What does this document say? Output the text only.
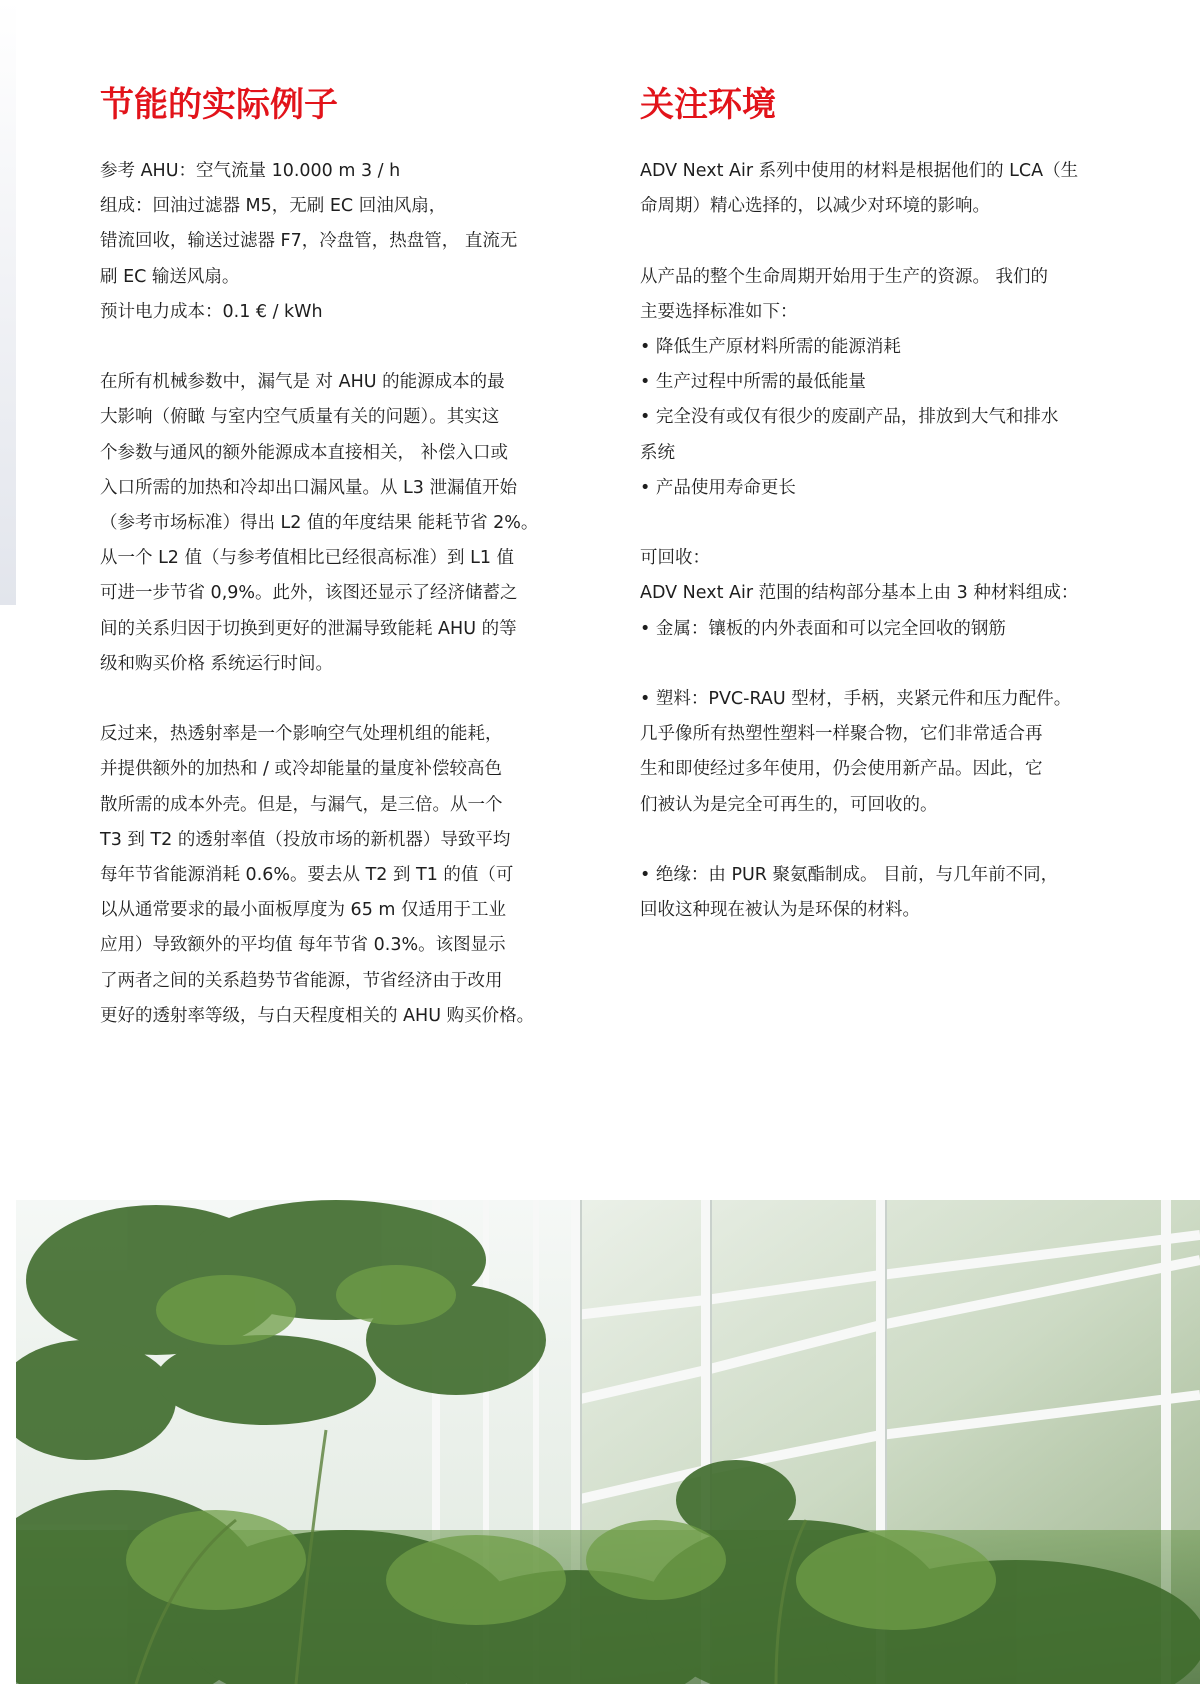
节能的实际例子
参考 AHU：空气流量 10.000 m 3 / h
组成：回油过滤器 M5，无刷 EC 回油风扇，
错流回收，输送过滤器 F7，冷盘管，热盘管， 直流无
刷 EC 输送风扇。
预计电力成本：0.1 € / kWh
在所有机械参数中，漏气是 对 AHU 的能源成本的最
大影响（俯瞰 与室内空气质量有关的问题）。其实这
个参数与通风的额外能源成本直接相关， 补偿入口或
入口所需的加热和冷却出口漏风量。从 L3 泄漏值开始
（参考市场标准）得出 L2 值的年度结果 能耗节省 2%。
从一个 L2 值（与参考值相比已经很高标准）到 L1 值
可进一步节省 0,9%。此外，该图还显示了经济储蓄之
间的关系归因于切换到更好的泄漏导致能耗 AHU 的等
级和购买价格 系统运行时间。
反过来，热透射率是一个影响空气处理机组的能耗，
并提供额外的加热和 / 或冷却能量的量度补偿较高色
散所需的成本外壳。但是，与漏气，是三倍。从一个
T3 到 T2 的透射率值（投放市场的新机器）导致平均
每年节省能源消耗 0.6%。要去从 T2 到 T1 的值（可
以从通常要求的最小面板厚度为 65 m 仅适用于工业
应用）导致额外的平均值 每年节省 0.3%。该图显示
了两者之间的关系趋势节省能源，节省经济由于改用
更好的透射率等级，与白天程度相关的 AHU 购买价格。
关注环境
ADV Next Air 系列中使用的材料是根据他们的 LCA（生
命周期）精心选择的，以减少对环境的影响。
从产品的整个生命周期开始用于生产的资源。 我们的
主要选择标准如下：
• 降低生产原材料所需的能源消耗
• 生产过程中所需的最低能量
• 完全没有或仅有很少的废副产品，排放到大气和排水
系统
• 产品使用寿命更长
可回收：
ADV Next Air 范围的结构部分基本上由 3 种材料组成：
• 金属：镶板的内外表面和可以完全回收的钢筋
• 塑料：PVC-RAU 型材，手柄，夹紧元件和压力配件。
几乎像所有热塑性塑料一样聚合物，它们非常适合再
生和即使经过多年使用，仍会使用新产品。因此，它
们被认为是完全可再生的，可回收的。
• 绝缘：由 PUR 聚氨酯制成。 目前，与几年前不同，
回收这种现在被认为是环保的材料。
